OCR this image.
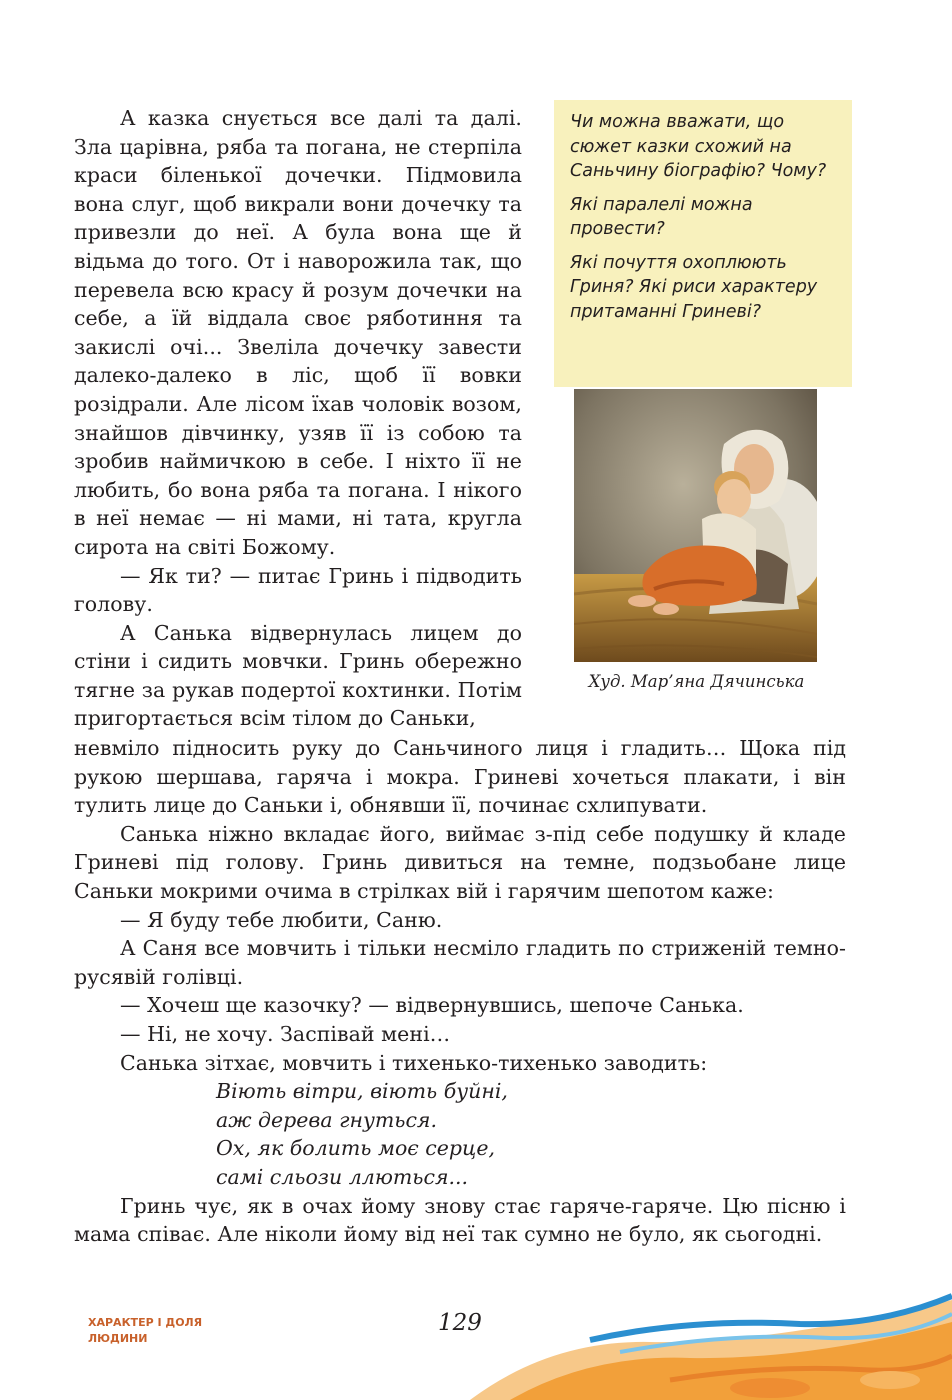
А казка снується все далі та далі. Зла царівна, ряба та погана, не стерпіла краси біленької дочечки. Підмовила вона слуг, щоб викрали вони дочечку та привезли до неї. А була вона ще й відьма до того. От і наворожила так, що перевела всю красу й розум дочечки на себе, а їй віддала своє ряботиння та закислі очі... Звеліла дочечку завести далеко-далеко в ліс, щоб її вовки розідрали. Але лісом їхав чоловік возом, знайшов дівчинку, узяв її із собою та зробив наймичкою в себе. І ніхто її не любить, бо вона ряба та погана. І нікого в неї немає — ні мами, ні тата, кругла сирота на світі Божому.

— Як ти? — питає Гринь і підводить голову.

А Санька відвернулась лицем до стіни і сидить мовчки. Гринь обережно тягне за рукав подертої кохтинки. Потім пригортається всім тілом до Саньки,

Чи можна вважати, що сюжет казки схожий на Саньчину біографію? Чому?

Які паралелі можна провести?

Які почуття охоплюють Гриня? Які риси характеру притаманні Гриневі?

Худ. Мар’яна Дячинська

невміло підносить руку до Саньчиного лиця і гладить… Щока під рукою шершава, гаряча і мокра. Гриневі хочеться плакати, і він тулить лице до Саньки і, обнявши її, починає схлипувати.

Санька ніжно вкладає його, виймає з-під себе подушку й кладе Гриневі під голову. Гринь дивиться на темне, подзьобане лице Саньки мокрими очима в стрілках вій і гарячим шепотом каже:

— Я буду тебе любити, Саню.

А Саня все мовчить і тільки несміло гладить по стриженій темно-русявій голівці.

— Хочеш ще казочку? — відвернувшись, шепоче Санька.

— Ні, не хочу. Заспівай мені…

Санька зітхає, мовчить і тихенько-тихенько заводить:

Віють вітри, віють буйні,
аж дерева гнуться.
Ох, як болить моє серце,
самі сльози ллються...

Гринь чує, як в очах йому знову стає гаряче-гаряче. Цю пісню і мама співає. Але ніколи йому від неї так сумно не було, як сьогодні.

ХАРАКТЕР І ДОЛЯ
ЛЮДИНИ
129
